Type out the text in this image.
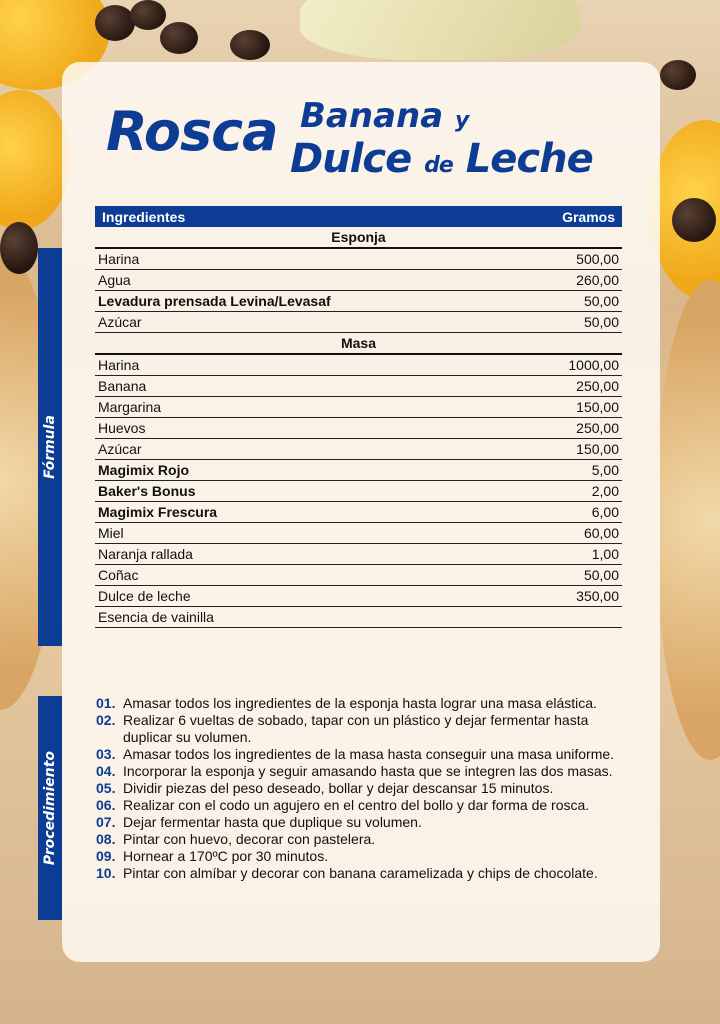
Rosca Banana y
Dulce de Leche
Fórmula
Procedimiento
Ingredientes	Gramos
Esponja	
Harina	500,00
Agua	260,00
Levadura prensada Levina/Levasaf	50,00
Azúcar	50,00
Masa	
Harina	1000,00
Banana	250,00
Margarina	150,00
Huevos	250,00
Azúcar	150,00
Magimix Rojo	5,00
Baker's Bonus	2,00
Magimix Frescura	6,00
Miel	60,00
Naranja rallada	1,00
Coñac	50,00
Dulce de leche	350,00
Esencia de vainilla	
01. Amasar todos los ingredientes de la esponja hasta lograr una masa elástica.
02. Realizar 6 vueltas de sobado, tapar con un plástico y dejar fermentar hasta duplicar su volumen.
03. Amasar todos los ingredientes de la masa hasta conseguir una masa uniforme.
04. Incorporar la esponja y seguir amasando hasta que se integren las dos masas.
05. Dividir piezas del peso deseado, bollar y dejar descansar 15 minutos.
06. Realizar con el codo un agujero en el centro del bollo y dar forma de rosca.
07. Dejar fermentar hasta que duplique su volumen.
08. Pintar con huevo, decorar con pastelera.
09. Hornear a 170ºC por 30 minutos.
10. Pintar con almíbar y decorar con banana caramelizada y chips de chocolate.
